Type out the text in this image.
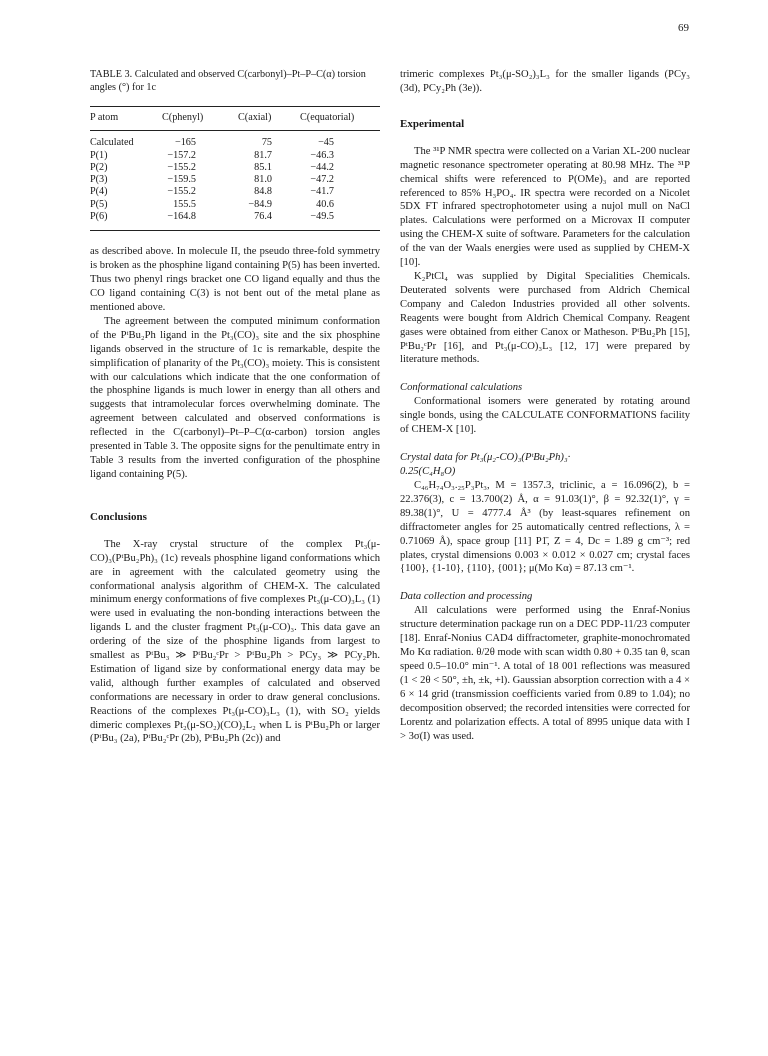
69
TABLE 3. Calculated and observed C(carbonyl)–Pt–P–C(α) torsion angles (°) for 1c
P atom	C(phenyl)	C(axial)	C(equatorial)
Calculated	−165	75	−45
P(1)	−157.2	81.7	−46.3
P(2)	−155.2	85.1	−44.2
P(3)	−159.5	81.0	−47.2
P(4)	−155.2	84.8	−41.7
P(5)	155.5	−84.9	40.6
P(6)	−164.8	76.4	−49.5

as described above. In molecule II, the pseudo three-fold symmetry is broken as the phosphine ligand containing P(5) has been inverted. Thus two phenyl rings bracket one CO ligand equally and thus the CO ligand containing C(3) is not bent out of the metal plane as mentioned above.

The agreement between the computed minimum conformation of the PᵗBu₂Ph ligand in the Pt₃(CO)₃ site and the six phosphine ligands observed in the structure of 1c is remarkable, despite the simplification of planarity of the Pt₃(CO)₃ moiety. This is consistent with our calculations which indicate that the one conformation of the phosphine ligands is much lower in energy than all others and suggests that intramolecular forces overwhelming dominate. The agreement between calculated and observed conformations is reflected in the C(carbonyl)–Pt–P–C(α-carbon) torsion angles presented in Table 3. The opposite signs for the penultimate entry in Table 3 results from the inverted configuration of the phosphine ligand containing P(5).

Conclusions

The X-ray crystal structure of the complex Pt₃(μ-CO)₃(PᵗBu₂Ph)₃ (1c) reveals phosphine ligand conformations which are in agreement with the calculated geometry using the conformational analysis algorithm of CHEM-X. The calculated minimum energy conformations of five complexes Pt₃(μ-CO)₃L₃ (1) were used in evaluating the non-bonding interactions between the ligands L and the cluster fragment Pt₃(μ-CO)₃. This data gave an ordering of the size of the phosphine ligands from largest to smallest as PᵗBu₃ ≫ PᵗBu₂ᶜPr > PᵗBu₂Ph > PCy₃ ≫ PCy₂Ph. Estimation of ligand size by conformational energy data may be valid, although further examples of calculated and observed conformations are necessary in order to draw general conclusions. Reactions of the complexes Pt₃(μ-CO)₃L₃ (1), with SO₂ yields dimeric complexes Pt₂(μ-SO₂)(CO)₂L₂ when L is PᵗBu₂Ph or larger (PᵗBu₃ (2a), PᵗBu₂ᶜPr (2b), PᵗBu₂Ph (2c)) and

trimeric complexes Pt₃(μ-SO₂)₃L₃ for the smaller ligands (PCy₃ (3d), PCy₂Ph (3e)).

Experimental

The ³¹P NMR spectra were collected on a Varian XL-200 nuclear magnetic resonance spectrometer operating at 80.98 MHz. The ³¹P chemical shifts were referenced to P(OMe)₃ and are reported referenced to 85% H₃PO₄. IR spectra were recorded on a Nicolet 5DX FT infrared spectrophotometer using a nujol mull on NaCl plates. Calculations were performed on a Microvax II computer using the CHEM-X suite of software. Parameters for the calculation of the van der Waals energies were used as supplied by CHEM-X [10].

K₂PtCl₄ was supplied by Digital Specialities Chemicals. Deuterated solvents were purchased from Aldrich Chemical Company and Caledon Industries provided all other solvents. Reagents were bought from Aldrich Chemical Company. Reagent gases were obtained from either Canox or Matheson. PᵗBu₂Ph [15], PᵗBu₂ᶜPr [16], and Pt₃(μ-CO)₃L₃ [12, 17] were prepared by literature methods.

Conformational calculations

Conformational isomers were generated by rotating around single bonds, using the CALCULATE CONFORMATIONS facility of CHEM-X [10].

Crystal data for Pt₃(μ₂-CO)₃(PᵗBu₂Ph)₃·
0.25(C₄H₈O)

C₄₆H₇₄O₃.₂₅P₃Pt₃, M = 1357.3, triclinic, a = 16.096(2), b = 22.376(3), c = 13.700(2) Å, α = 91.03(1)°, β = 92.32(1)°, γ = 89.38(1)°, U = 4777.4 Å³ (by least-squares refinement on diffractometer angles for 25 automatically centred reflections, λ = 0.71069 Å), space group [11] P1̄, Z = 4, Dc = 1.89 g cm⁻³; red plates, crystal dimensions 0.003 × 0.012 × 0.027 cm; crystal faces {100}, {1-10}, {110}, {001}; μ(Mo Kα) = 87.13 cm⁻¹.

Data collection and processing

All calculations were performed using the Enraf-Nonius structure determination package run on a DEC PDP-11/23 computer [18]. Enraf-Nonius CAD4 diffractometer, graphite-monochromated Mo Kα radiation. θ/2θ mode with scan width 0.80 + 0.35 tan θ, scan speed 0.5–10.0° min⁻¹. A total of 18 001 reflections was measured (1 < 2θ < 50°, ±h, ±k, +l). Gaussian absorption correction with a 4 × 6 × 14 grid (transmission coefficients varied from 0.89 to 1.04); no decomposition observed; the recorded intensities were corrected for Lorentz and polarization effects. A total of 8995 unique data with I > 3σ(I) was used.
